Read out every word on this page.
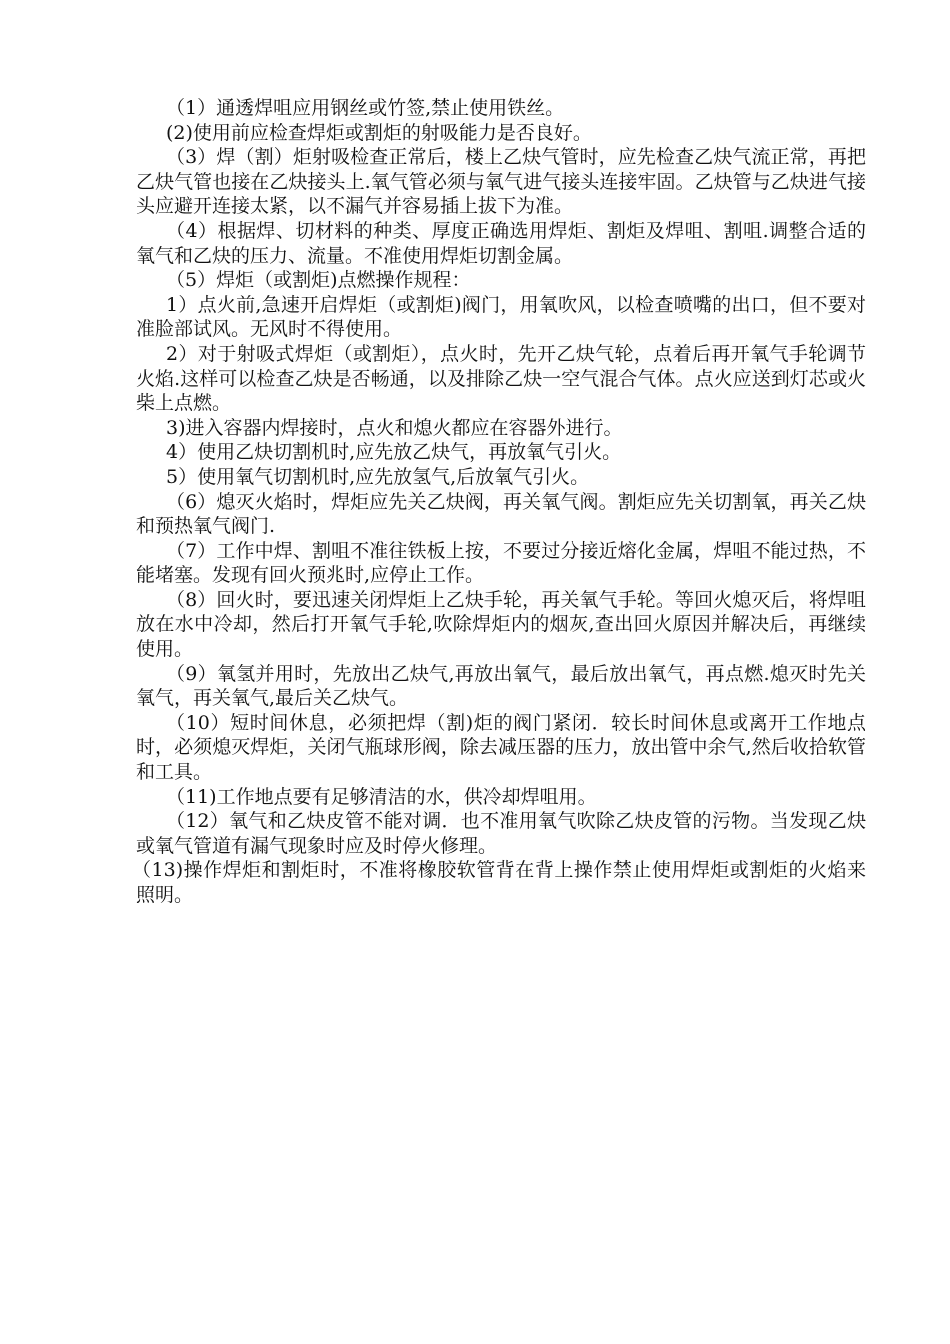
（1）通透焊咀应用钢丝或竹签,禁止使用铁丝。

(2)使用前应检查焊炬或割炬的射吸能力是否良好。

（3）焊（割）炬射吸检查正常后，楼上乙炔气管时，应先检查乙炔气流正常，再把乙炔气管也接在乙炔接头上.氧气管必须与氧气进气接头连接牢固。乙炔管与乙炔进气接头应避开连接太紧，以不漏气并容易插上拔下为准。

（4）根据焊、切材料的种类、厚度正确选用焊炬、割炬及焊咀、割咀.调整合适的氧气和乙炔的压力、流量。不准使用焊炬切割金属。

（5）焊炬（或割炬)点燃操作规程：

1）点火前,急速开启焊炬（或割炬)阀门，用氧吹风，以检查喷嘴的出口，但不要对准脸部试风。无风时不得使用。

2）对于射吸式焊炬（或割炬），点火时，先开乙炔气轮，点着后再开氧气手轮调节火焰.这样可以检查乙炔是否畅通，以及排除乙炔一空气混合气体。点火应送到灯芯或火柴上点燃。

3)进入容器内焊接时，点火和熄火都应在容器外进行。

4）使用乙炔切割机时,应先放乙炔气，再放氧气引火。

5）使用氧气切割机时,应先放氢气,后放氧气引火。

（6）熄灭火焰时，焊炬应先关乙炔阀，再关氧气阀。割炬应先关切割氧，再关乙炔和预热氧气阀门.

（7）工作中焊、割咀不准往铁板上按，不要过分接近熔化金属，焊咀不能过热，不能堵塞。发现有回火预兆时,应停止工作。

（8）回火时，要迅速关闭焊炬上乙炔手轮，再关氧气手轮。等回火熄灭后，将焊咀放在水中冷却，然后打开氧气手轮,吹除焊炬内的烟灰,查出回火原因并解决后，再继续使用。

（9）氧氢并用时，先放出乙炔气,再放出氧气，最后放出氧气，再点燃.熄灭时先关氧气，再关氧气,最后关乙炔气。

（10）短时间休息，必须把焊（割)炬的阀门紧闭．较长时间休息或离开工作地点时，必须熄灭焊炬，关闭气瓶球形阀，除去减压器的压力，放出管中余气,然后收拾软管和工具。

（11)工作地点要有足够清洁的水，供冷却焊咀用。

（12）氧气和乙炔皮管不能对调．也不准用氧气吹除乙炔皮管的污物。当发现乙炔或氧气管道有漏气现象时应及时停火修理。

（13)操作焊炬和割炬时，不准将橡胶软管背在背上操作禁止使用焊炬或割炬的火焰来照明。
